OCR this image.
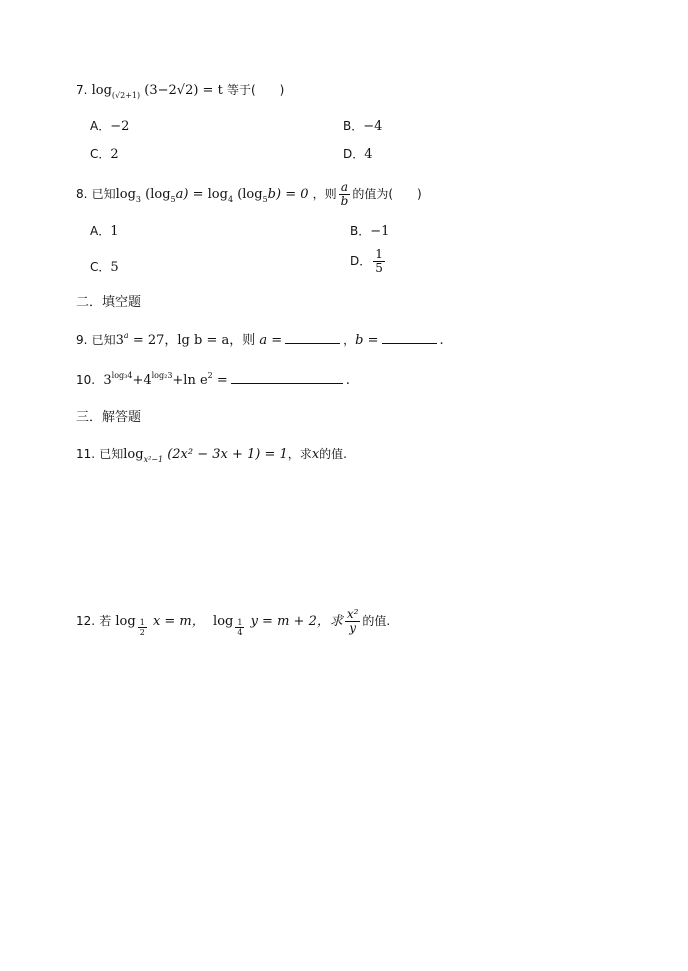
7. $\log_{(√2+1)} (3-2√2) = t$ 等于(　　)
A．−2	B．−4
C．2	D．4
8. 已知$\log_3 (\log_5a) = \log_4 (\log_5b) = 0$ ，则 $\frac{a}{b}$ 的值为(　　)
A．1	B．−1
C．5	D． $\frac{1}{5}$
二．填空题
9. 已知$3^a = 27$，lg b = a，则 a =	，b =	.
10. $3^{log_34}+4^{log_23}+\ln$ $e^2$ =	.
三．解答题
11. 已知$\log_{x^2-1} (2x^2 - 3x + 1) = 1$，求x的值.
12. 若 $\log \frac{1}{2}$ x = m， $\log \frac{1}{4}$ y = m + 2，求 $\frac{\text{x²}}{y}$ 的值.
